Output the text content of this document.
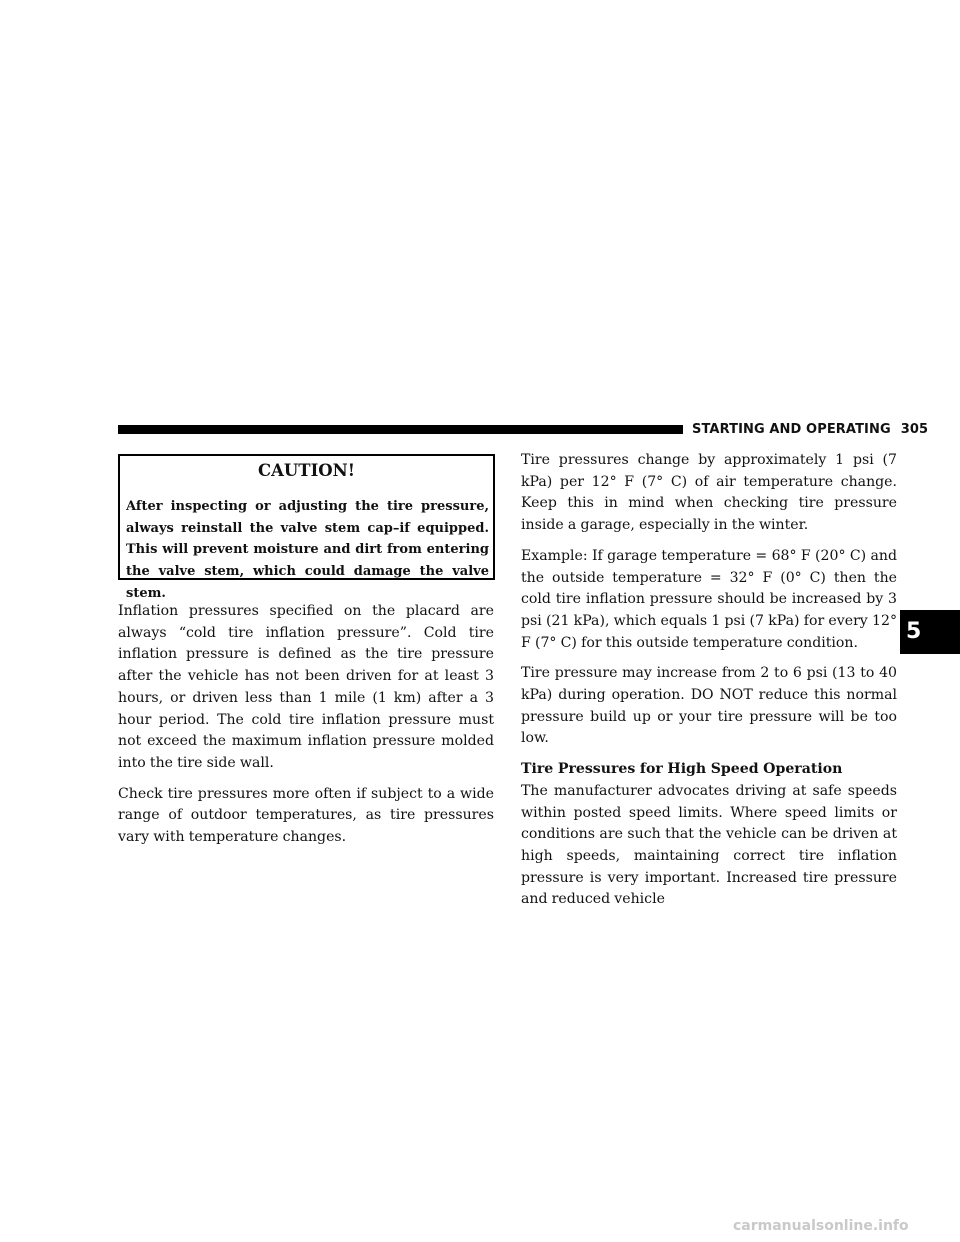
STARTING AND OPERATING 305
CAUTION!
After inspecting or adjusting the tire pressure, always reinstall the valve stem cap–if equipped. This will prevent moisture and dirt from entering the valve stem, which could damage the valve stem.

Inflation pressures specified on the placard are always “cold tire inflation pressure”. Cold tire inflation pressure is defined as the tire pressure after the vehicle has not been driven for at least 3 hours, or driven less than 1 mile (1 km) after a 3 hour period. The cold tire inflation pressure must not exceed the maximum inflation pressure molded into the tire side wall.

Check tire pressures more often if subject to a wide range of outdoor temperatures, as tire pressures vary with temperature changes.

Tire pressures change by approximately 1 psi (7 kPa) per 12° F (7° C) of air temperature change. Keep this in mind when checking tire pressure inside a garage, especially in the winter.

Example: If garage temperature = 68° F (20° C) and the outside temperature = 32° F (0° C) then the cold tire inflation pressure should be increased by 3 psi (21 kPa), which equals 1 psi (7 kPa) for every 12° F (7° C) for this outside temperature condition.

Tire pressure may increase from 2 to 6 psi (13 to 40 kPa) during operation. DO NOT reduce this normal pressure build up or your tire pressure will be too low.

Tire Pressures for High Speed Operation

The manufacturer advocates driving at safe speeds within posted speed limits. Where speed limits or conditions are such that the vehicle can be driven at high speeds, maintaining correct tire inflation pressure is very important. Increased tire pressure and reduced vehicle

5
carmanualsonline.info
